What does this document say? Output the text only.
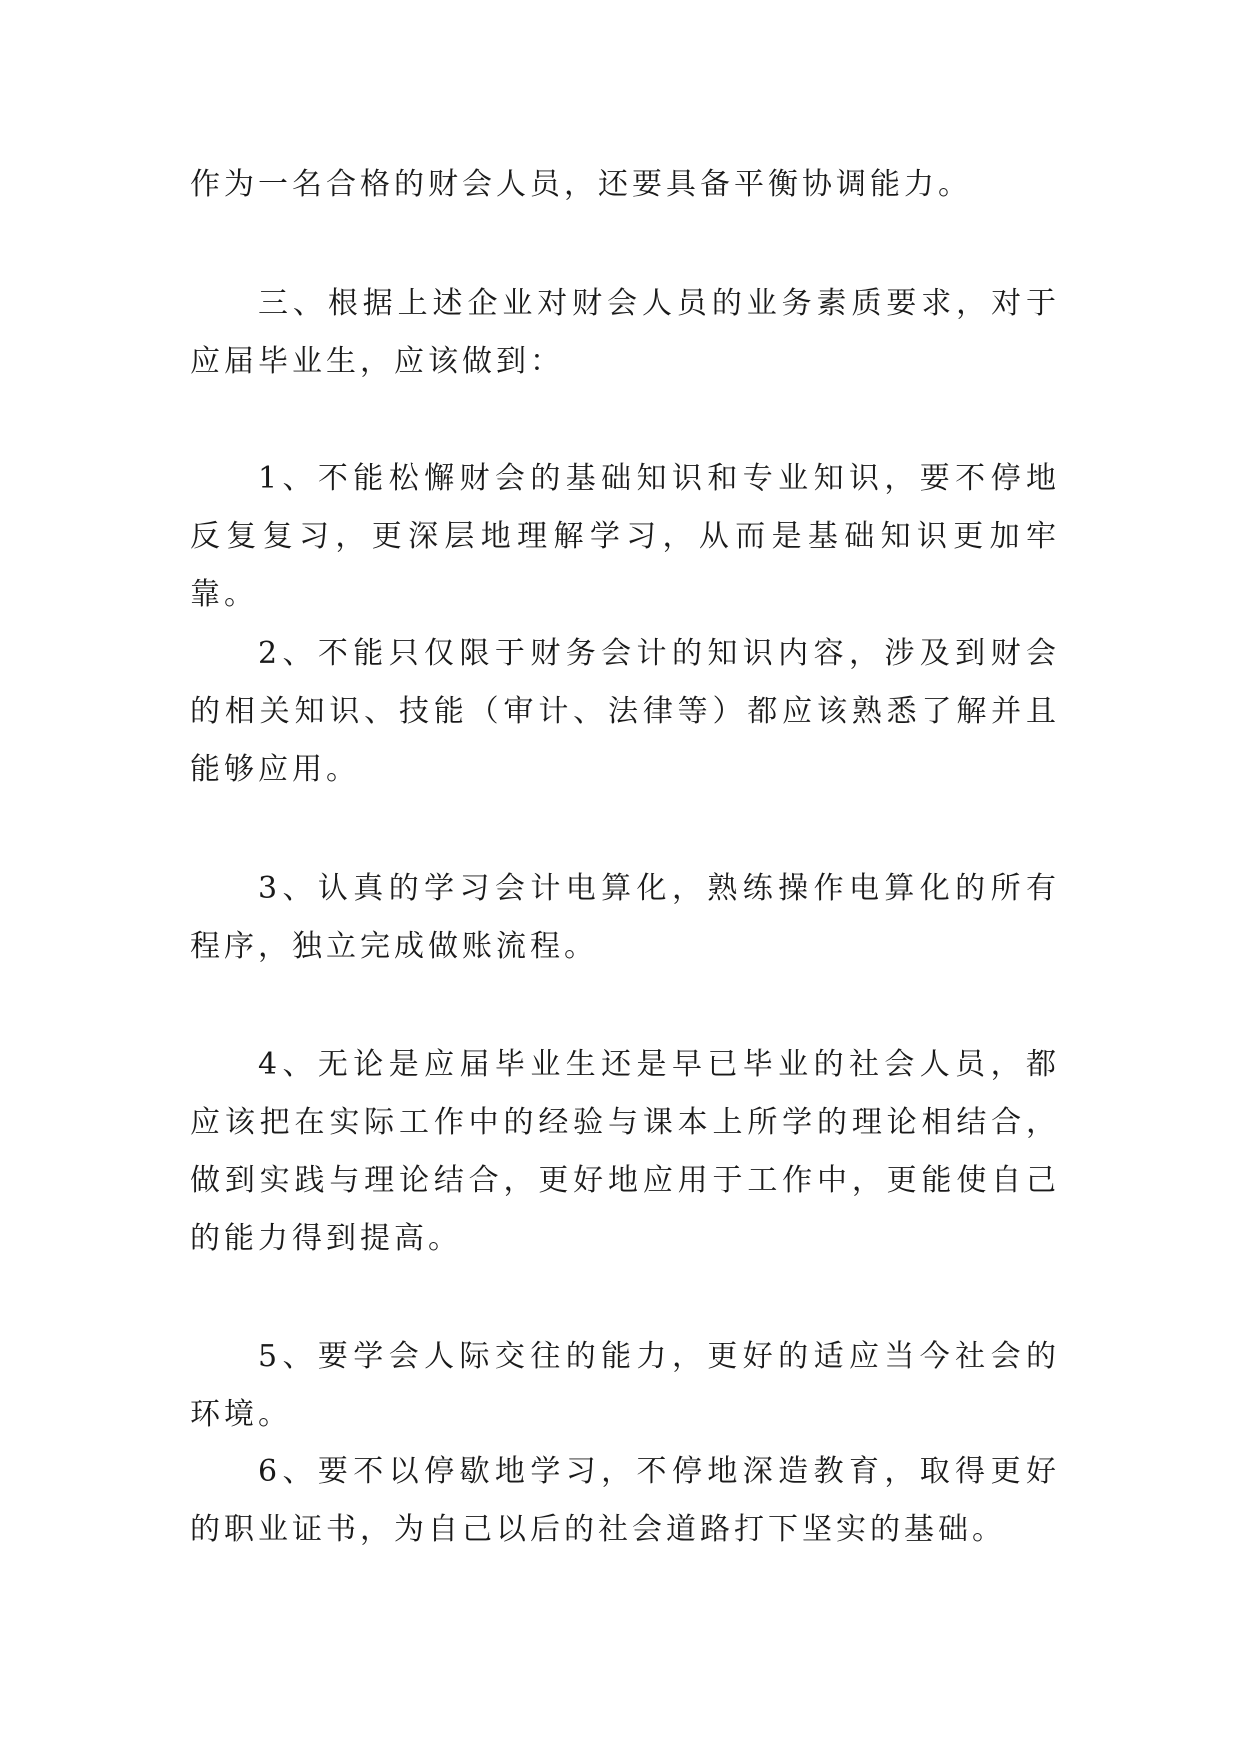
作为一名合格的财会人员，还要具备平衡协调能力。

三、根据上述企业对财会人员的业务素质要求，对于应届毕业生，应该做到：

1、不能松懈财会的基础知识和专业知识，要不停地反复复习，更深层地理解学习，从而是基础知识更加牢靠。

2、不能只仅限于财务会计的知识内容，涉及到财会的相关知识、技能（审计、法律等）都应该熟悉了解并且能够应用。

3、认真的学习会计电算化，熟练操作电算化的所有程序，独立完成做账流程。

4、无论是应届毕业生还是早已毕业的社会人员，都应该把在实际工作中的经验与课本上所学的理论相结合，做到实践与理论结合，更好地应用于工作中，更能使自己的能力得到提高。

5、要学会人际交往的能力，更好的适应当今社会的环境。

6、要不以停歇地学习，不停地深造教育，取得更好的职业证书，为自己以后的社会道路打下坚实的基础。
